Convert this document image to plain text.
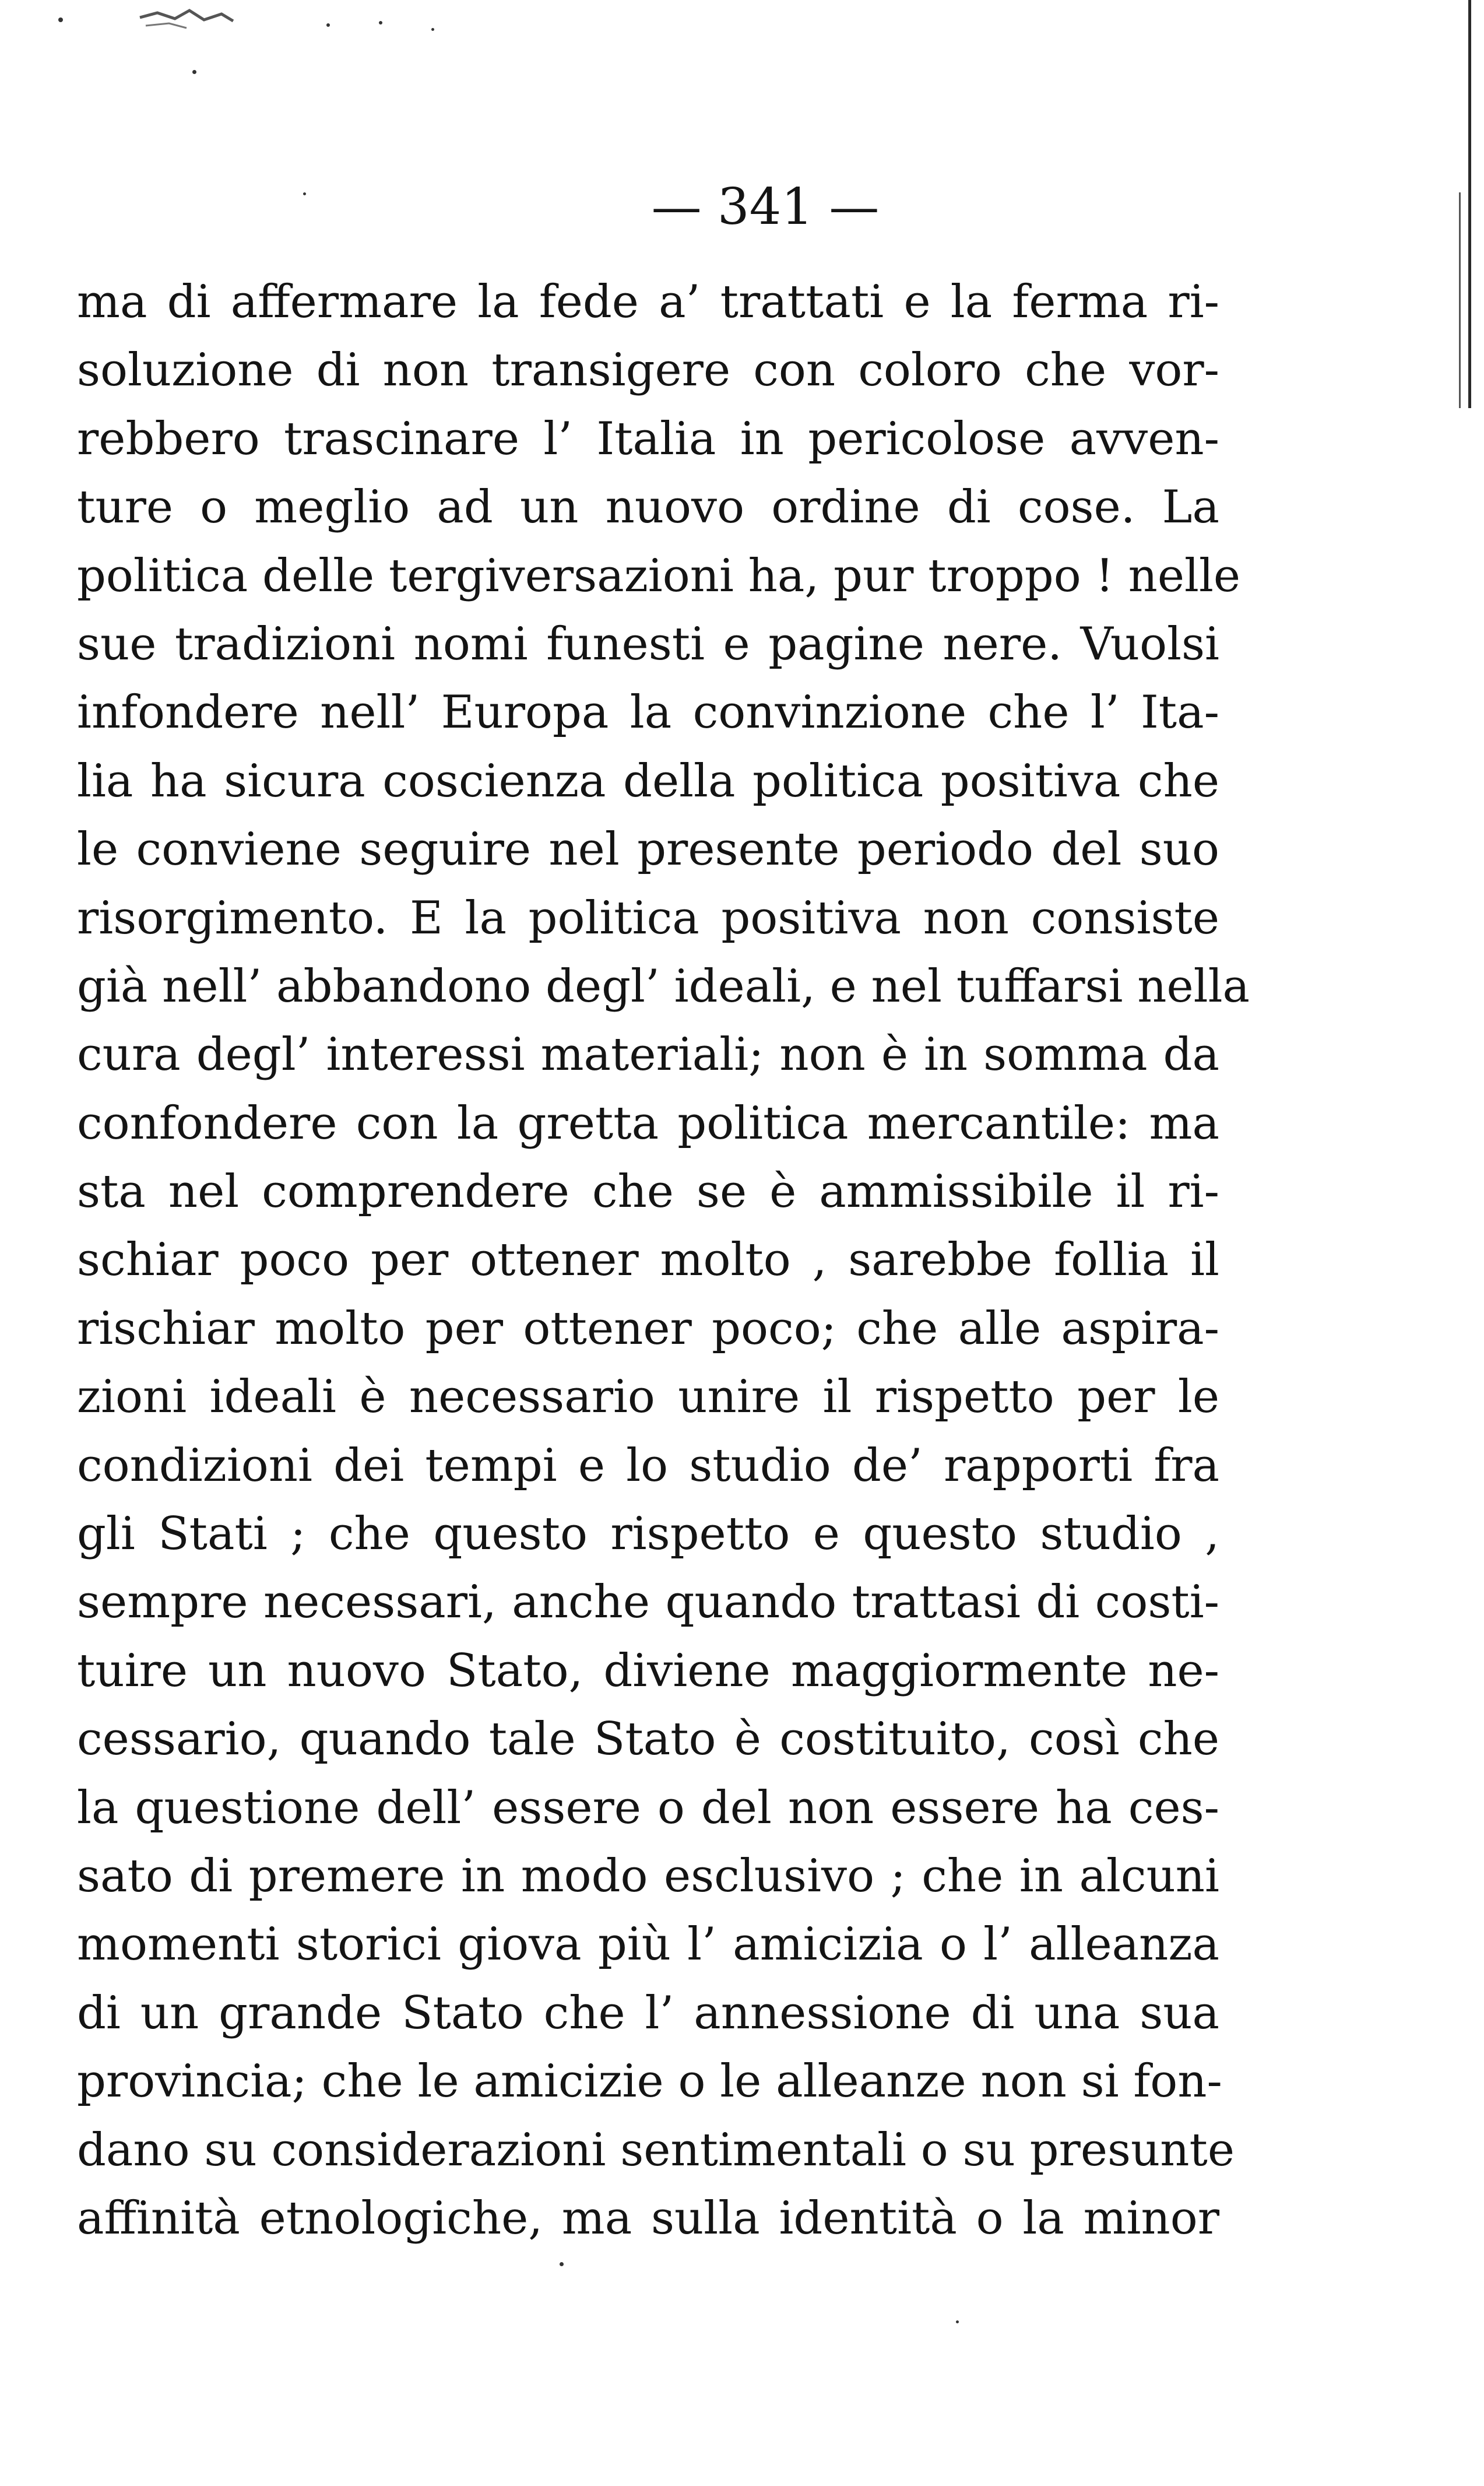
— 341 —
ma di affermare la fede a’ trattati e la ferma ri-
soluzione di non transigere con coloro che vor-
rebbero trascinare l’ Italia in pericolose avven-
ture o meglio ad un nuovo ordine di cose. La
politica delle tergiversazioni ha, pur troppo ! nelle
sue tradizioni nomi funesti e pagine nere. Vuolsi
infondere nell’ Europa la convinzione che l’ Ita-
lia ha sicura coscienza della politica positiva che
le conviene seguire nel presente periodo del suo
risorgimento. E la politica positiva non consiste
già nell’ abbandono degl’ ideali, e nel tuffarsi nella
cura degl’ interessi materiali; non è in somma da
confondere con la gretta politica mercantile: ma
sta nel comprendere che se è ammissibile il ri-
schiar poco per ottener molto , sarebbe follia il
rischiar molto per ottener poco; che alle aspira-
zioni ideali è necessario unire il rispetto per le
condizioni dei tempi e lo studio de’ rapporti fra
gli Stati ; che questo rispetto e questo studio ,
sempre necessari, anche quando trattasi di costi-
tuire un nuovo Stato, diviene maggiormente ne-
cessario, quando tale Stato è costituito, così che
la questione dell’ essere o del non essere ha ces-
sato di premere in modo esclusivo ; che in alcuni
momenti storici giova più l’ amicizia o l’ alleanza
di un grande Stato che l’ annessione di una sua
provincia; che le amicizie o le alleanze non si fon-
dano su considerazioni sentimentali o su presunte
affinità etnologiche, ma sulla identità o la minor
